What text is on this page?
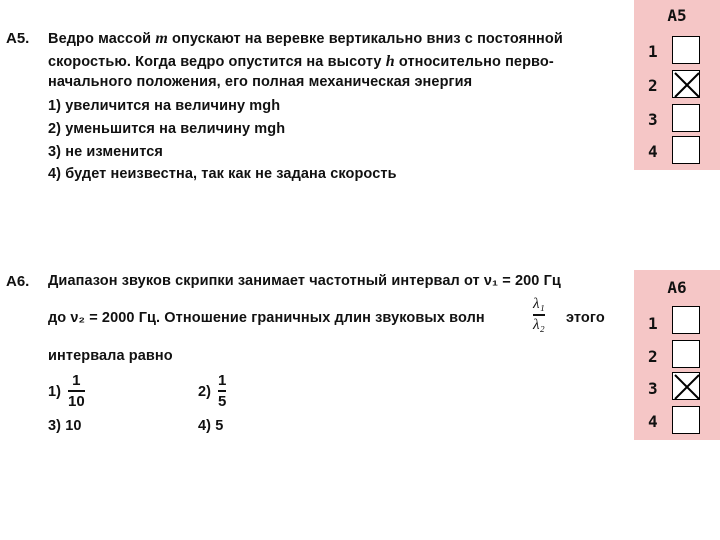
A5. Ведро массой m опускают на веревке вертикально вниз с постоянной
скоростью. Когда ведро опустится на высоту h относительно перво-
начального положения, его полная механическая энергия
1) увеличится на величину mgh
2) уменьшится на величину mgh
3) не изменится
4) будет неизвестна, так как не задана скорость
A6. Диапазон звуков скрипки занимает частотный интервал от ν₁ = 200 Гц
до ν₂ = 2000 Гц. Отношение граничных длин звуковых волн
λ₁
λ₂ этого
интервала равно
1)
1
10
2)
1
5
3) 10	4) 5
A5
1
2
3
4
A6
1
2
3
4
